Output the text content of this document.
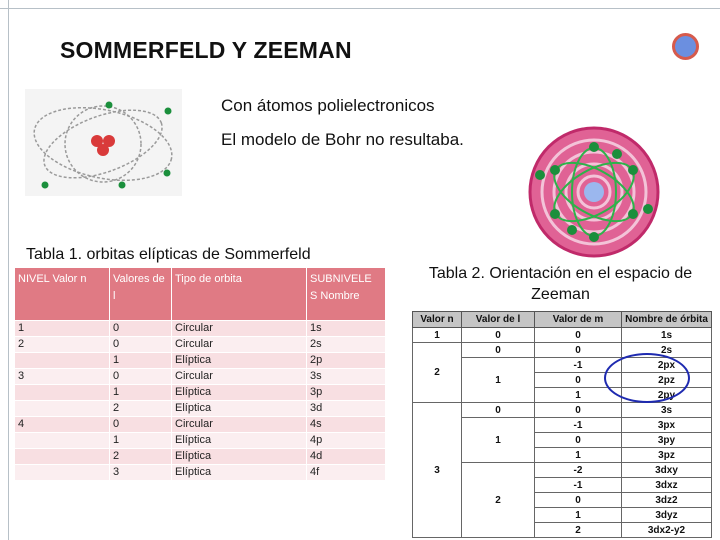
SOMMERFELD Y ZEEMAN
Con átomos polielectronicos
El modelo de Bohr no resultaba.
Tabla 1. orbitas elípticas de Sommerfeld
NIVEL Valor n	Valores de l	Tipo de orbita	SUBNIVELE S Nombre
1	0	Circular	1s
2	0	Circular	2s
	1	Elíptica	2p
3	0	Circular	3s
	1	Elíptica	3p
	2	Elíptica	3d
4	0	Circular	4s
	1	Elíptica	4p
	2	Elíptica	4d
	3	Elíptica	4f
Tabla 2. Orientación en el espacio de Zeeman
Valor n	Valor de l	Valor de m	Nombre de órbita
1	0	0	1s
2	0	0	2s
	1	-1	2px
		0	2pz
		1	2py
3	0	0	3s
	1	-1	3px
		0	3py
		1	3pz
	2	-2	3dxy
		-1	3dxz
		0	3dz2
		1	3dyz
		2	3dx2-y2
